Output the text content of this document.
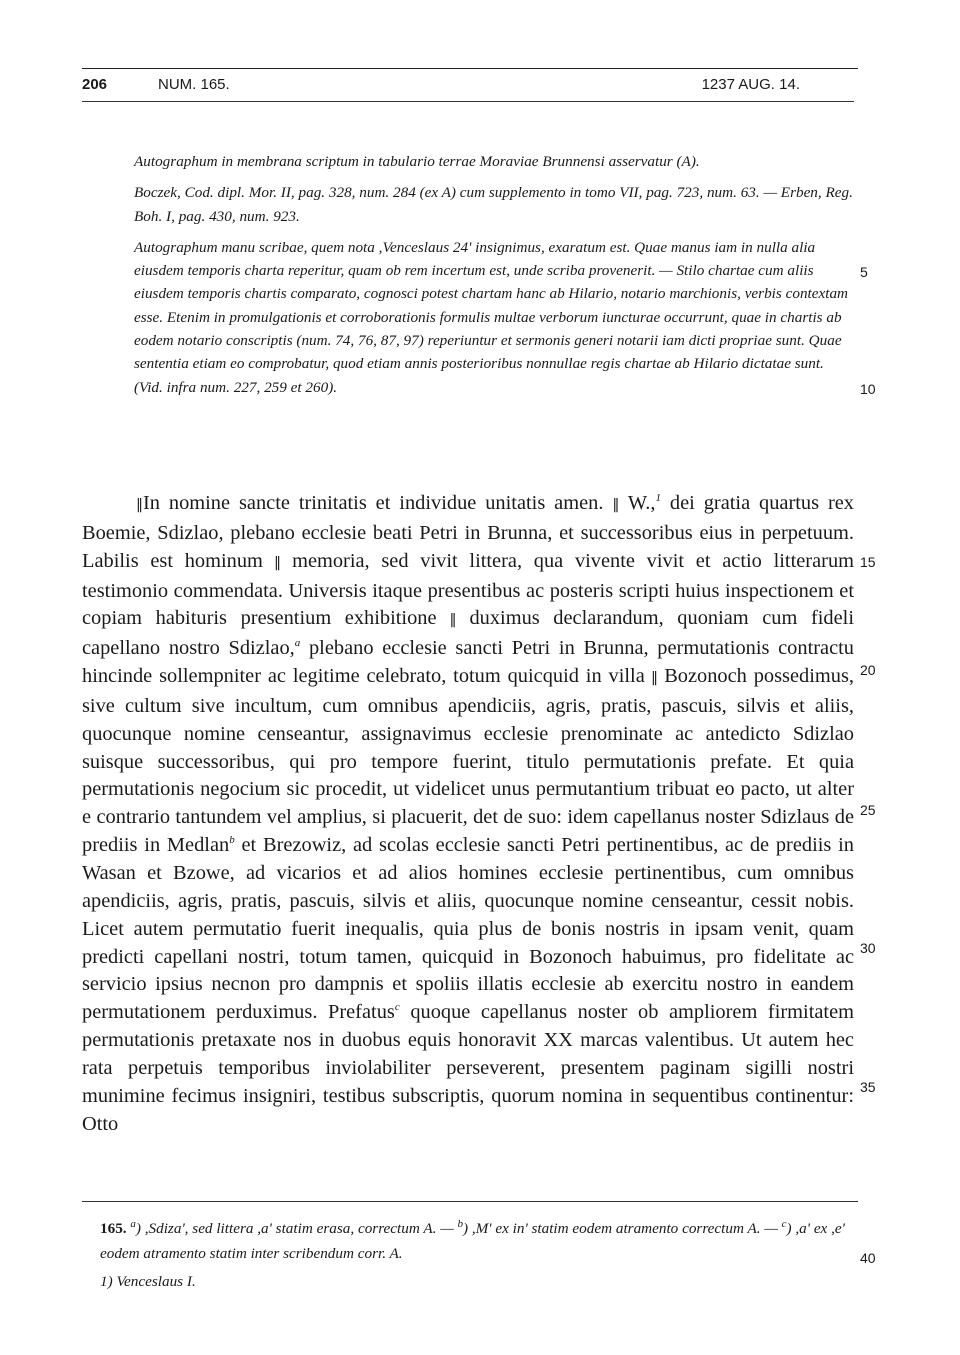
206	NUM. 165.	1237 AUG. 14.

Autographum in membrana scriptum in tabulario terrae Moraviae Brunnensi asservatur (A).

Boczek, Cod. dipl. Mor. II, pag. 328, num. 284 (ex A) cum supplemento in tomo VII, pag. 723, num. 63. — Erben, Reg. Boh. I, pag. 430, num. 923.

Autographum manu scribae, quem nota ,Venceslaus 24' insignimus, exaratum est. Quae manus iam in nulla alia eiusdem temporis charta reperitur, quam ob rem incertum est, unde scriba provenerit. — Stilo chartae cum aliis eiusdem temporis chartis comparato, cognosci potest chartam hanc ab Hilario, notario marchionis, verbis contextam esse. Etenim in promulgationis et corroborationis formulis multae verborum iuncturae occurrunt, quae in chartis ab eodem notario conscriptis (num. 74, 76, 87, 97) reperiuntur et sermonis generi notarii iam dicti propriae sunt. Quae sententia etiam eo comprobatur, quod etiam annis posterioribus nonnullae regis chartae ab Hilario dictatae sunt. (Vid. infra num. 227, 259 et 260).

‖In nomine sancte trinitatis et individue unitatis amen. ‖ W.,$^1$ dei gratia quartus rex Boemie, Sdizlao, plebano ecclesie beati Petri in Brunna, et successoribus eius in perpetuum. Labilis est hominum ‖ memoria, sed vivit littera, qua vivente vivit et actio litterarum testimonio commendata. Universis itaque presentibus ac posteris scripti huius inspectionem et copiam habituris presentium exhibitione ‖ duximus declarandum, quoniam cum fideli capellano nostro Sdizlao,$^a$ plebano ecclesie sancti Petri in Brunna, permutationis contractu hincinde sollempniter ac legitime celebrato, totum quicquid in villa ‖ Bozonoch possedimus, sive cultum sive incultum, cum omnibus apendiciis, agris, pratis, pascuis, silvis et aliis, quocunque nomine censeantur, assignavimus ecclesie prenominate ac antedicto Sdizlao suisque successoribus, qui pro tempore fuerint, titulo permutationis prefate. Et quia permutationis negocium sic procedit, ut videlicet unus permutantium tribuat eo pacto, ut alter e contrario tantundem vel amplius, si placuerit, det de suo: idem capellanus noster Sdizlaus de prediis in Medlan$^b$ et Brezowiz, ad scolas ecclesie sancti Petri pertinentibus, ac de prediis in Wasan et Bzowe, ad vicarios et ad alios homines ecclesie pertinentibus, cum omnibus apendiciis, agris, pratis, pascuis, silvis et aliis, quocunque nomine censeantur, cessit nobis. Licet autem permutatio fuerit inequalis, quia plus de bonis nostris in ipsam venit, quam predicti capellani nostri, totum tamen, quicquid in Bozonoch habuimus, pro fidelitate ac servicio ipsius necnon pro dampnis et spoliis illatis ecclesie ab exercitu nostro in eandem permutationem perduximus. Prefatus$^c$ quoque capellanus noster ob ampliorem firmitatem permutationis pretaxate nos in duobus equis honoravit XX marcas valentibus. Ut autem hec rata perpetuis temporibus inviolabiliter perseverent, presentem paginam sigilli nostri munimine fecimus insigniri, testibus subscriptis, quorum nomina in sequentibus continentur: Otto

5
10
15
20
25
30
35
40

165. $^a$) ,Sdiza', sed littera ,a' statim erasa, correctum A. — $^b$) ,M' ex in' statim eodem atramento correctum A. — $^c$) ,a' ex ,e' eodem atramento statim inter scribendum corr. A.

1) Venceslaus I.
